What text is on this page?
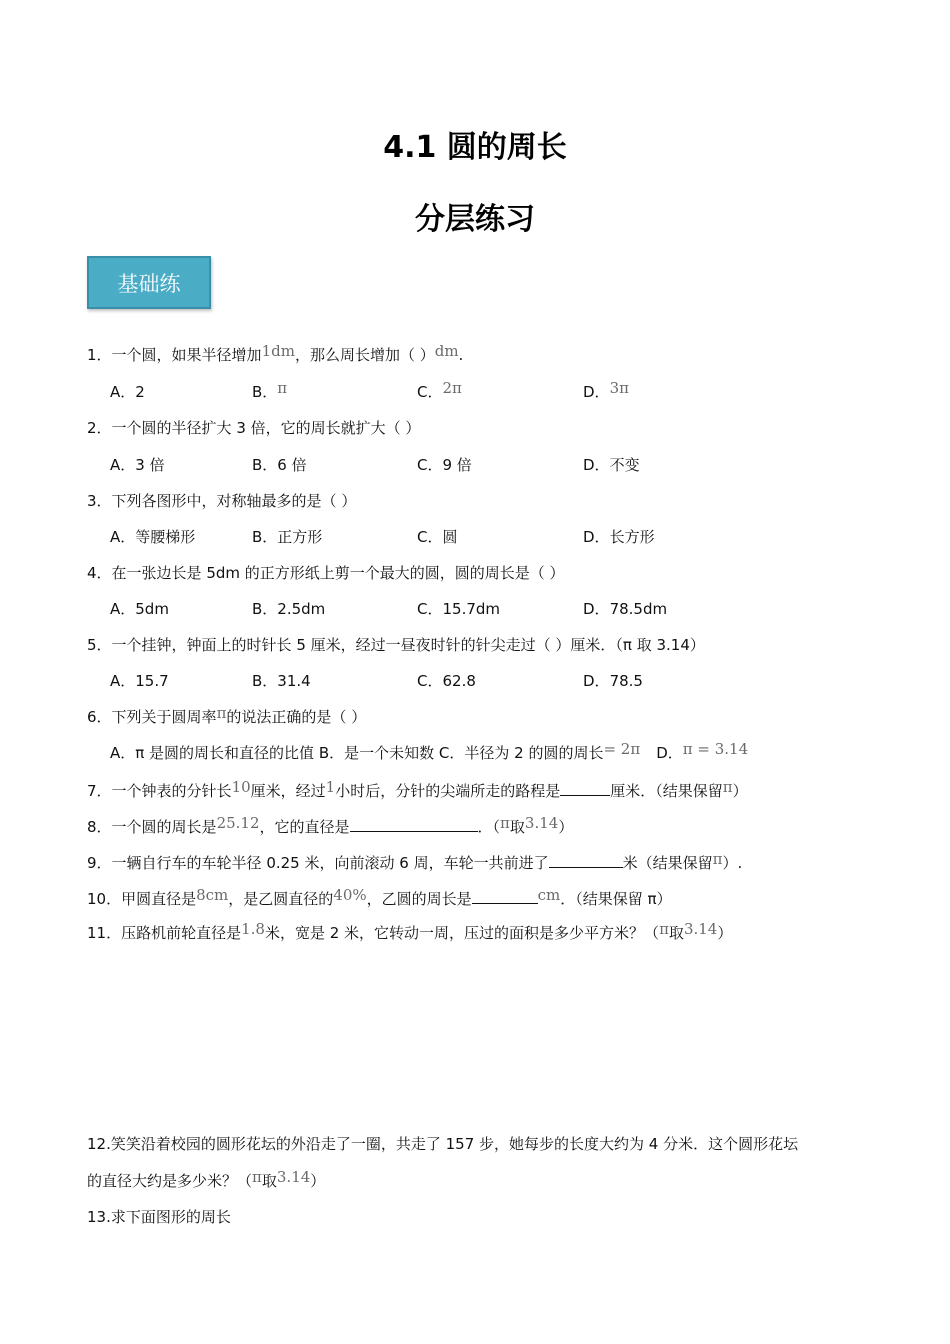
4.1 圆的周长
分层练习
基础练
1．一个圆，如果半径增加1dm，那么周长增加（ ）dm.
A．2	B．π	C．2π	D．3π
2．一个圆的半径扩大 3 倍，它的周长就扩大（ ）
A．3 倍	B．6 倍	C．9 倍	D．不变
3．下列各图形中，对称轴最多的是（ ）
A．等腰梯形	B．正方形	C．圆	D．长方形
4．在一张边长是 5dm 的正方形纸上剪一个最大的圆，圆的周长是（ ）
A．5dm	B．2.5dm	C．15.7dm	D．78.5dm
5．一个挂钟，钟面上的时针长 5 厘米，经过一昼夜时针的针尖走过（ ）厘米．（π 取 3.14）
A．15.7	B．31.4	C．62.8	D．78.5
6．下列关于圆周率π的说法正确的是（ ）
A．π 是圆的周长和直径的比值 B．是一个未知数 C．半径为 2 的圆的周长= 2π D．π = 3.14
7．一个钟表的分针长10厘米，经过1小时后，分针的尖端所走的路程是	厘米．（结果保留π）
8．一个圆的周长是25.12，它的直径是	．（π取3.14）
9．一辆自行车的车轮半径 0.25 米，向前滚动 6 周，车轮一共前进了	米（结果保留π）.
10．甲圆直径是8cm，是乙圆直径的40%，乙圆的周长是	cm．（结果保留 π）
11．压路机前轮直径是1.8米，宽是 2 米，它转动一周，压过的面积是多少平方米？（π取3.14）
12.笑笑沿着校园的圆形花坛的外沿走了一圈，共走了 157 步，她每步的长度大约为 4 分米．这个圆形花坛
的直径大约是多少米？（π取3.14）
13.求下面图形的周长
